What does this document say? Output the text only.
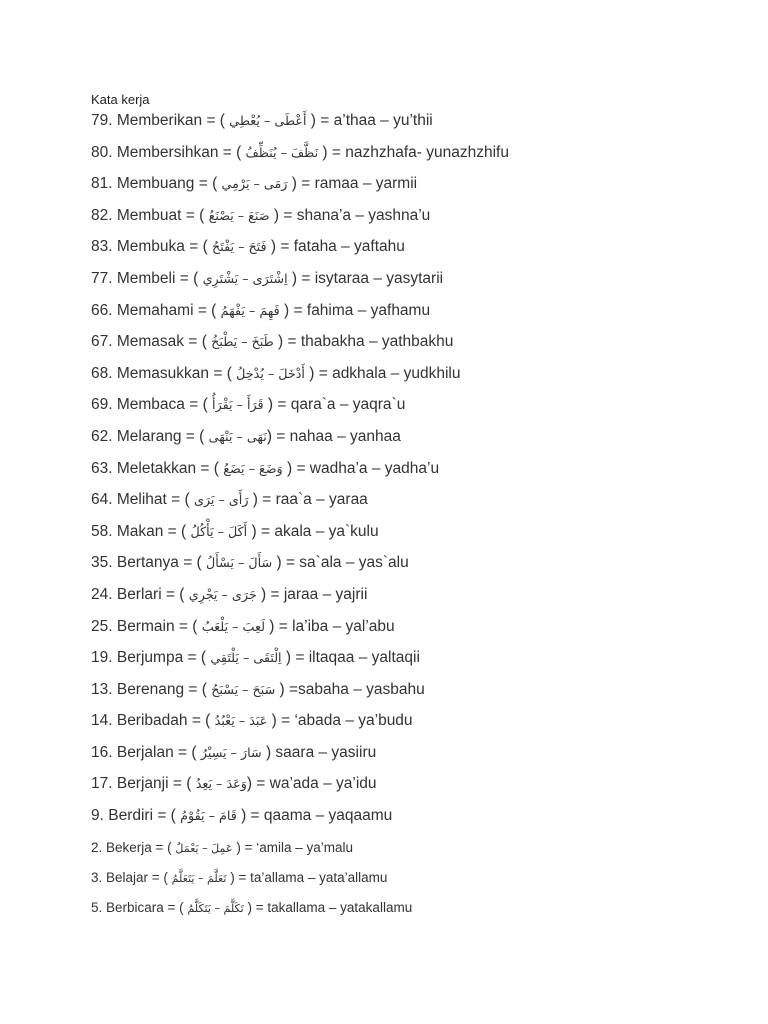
Kata kerja
79. Memberikan = ( أَعْطَى – يُعْطِي ) = a’thaa – yu’thii
80. Membersihkan = ( نَظَّفَ – يُنَظِّفُ ) = nazhzhafa- yunazhzhifu
81. Membuang = ( رَمَى – يَرْمِي ) = ramaa – yarmii
82. Membuat = ( صَنَعَ – يَصْنَعُ ) = shana’a – yashna’u
83. Membuka = ( فَتَحَ – يَفْتَحُ ) = fataha – yaftahu
77. Membeli = ( اِشْتَرَى – يَشْتَرِي ) = isytaraa – yasytarii
66. Memahami = ( فَهِمَ – يَفْهَمُ ) = fahima – yafhamu
67. Memasak = ( طَبَخَ – يَطْبَخُ ) = thabakha – yathbakhu
68. Memasukkan = ( أَدْخَلَ – يُدْخِلُ ) = adkhala – yudkhilu
69. Membaca = ( قَرَأَ – يَقْرَأُ ) = qara`a – yaqra`u
62. Melarang = ( نَهَى – يَنْهَى) = nahaa – yanhaa
63. Meletakkan = ( وَضَعَ – يَضَعُ ) = wadha’a – yadha’u
64. Melihat = ( رَأَى – يَرَى ) = raa`a – yaraa
58. Makan = ( أَكَلَ – يَأْكُلُ ) = akala – ya`kulu
35. Bertanya = ( سَأَلَ – يَسْأَلُ ) = sa`ala – yas`alu
24. Berlari = ( جَرَى – يَجْرِي ) = jaraa – yajrii
25. Bermain = ( لَعِبَ – يَلْعَبُ ) = la’iba – yal’abu
19. Berjumpa = ( اِلْتَقَى – يَلْتَقِي ) = iltaqaa – yaltaqii
13. Berenang = ( سَبَحَ – يَسْبَحُ ) =sabaha – yasbahu
14. Beribadah = ( عَبَدَ – يَعْبُدُ ) = ‘abada – ya’budu
16. Berjalan = ( سَارَ – يَسِيْرُ ) saara – yasiiru
17. Berjanji = ( وَعَدَ – يَعِدُ) = wa’ada – ya’idu
9. Berdiri = ( قَامَ – يَقُوْمُ ) = qaama – yaqaamu
2. Bekerja = ( عَمِلَ – يَعْمَلُ ) = ‘amila – ya’malu
3. Belajar = ( تَعَلَّمَ – يَتَعَلَّمُ ) = ta’allama – yata’allamu
5. Berbicara = ( تَكَلَّمَ – يَتَكَلَّمُ ) = takallama – yatakallamu
